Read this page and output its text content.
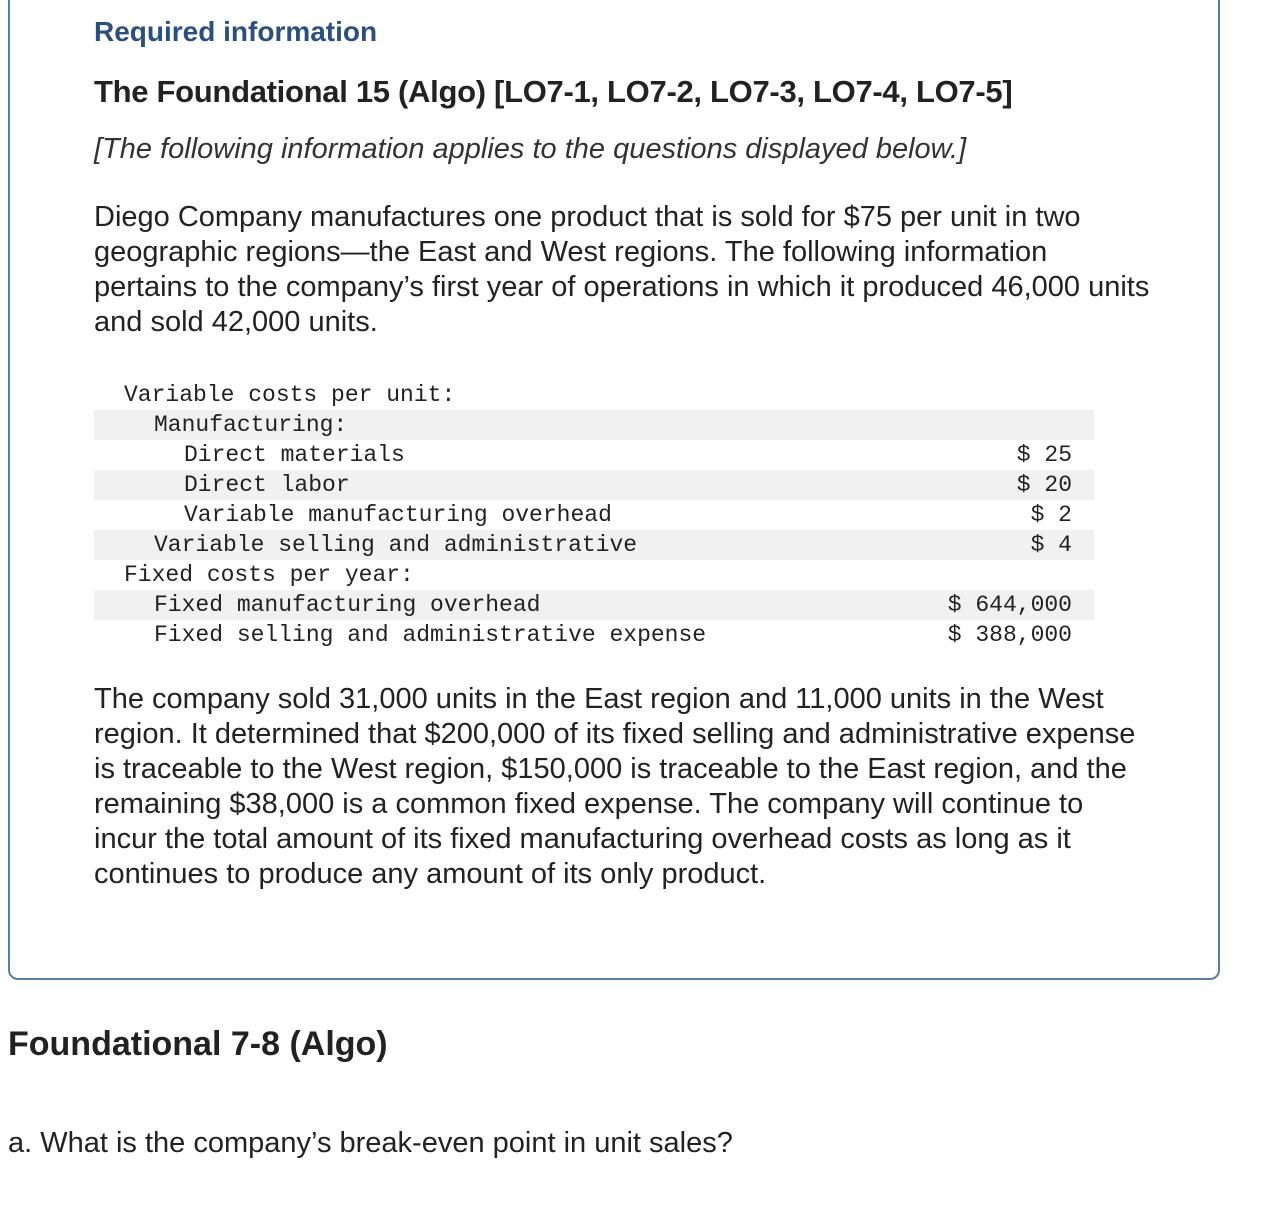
Required information
The Foundational 15 (Algo) [LO7-1, LO7-2, LO7-3, LO7-4, LO7-5]
[The following information applies to the questions displayed below.]

Diego Company manufactures one product that is sold for $75 per unit in two geographic regions—the East and West regions. The following information pertains to the company’s first year of operations in which it produced 46,000 units and sold 42,000 units.

Variable costs per unit:
Manufacturing:
Direct materials	$ 25
Direct labor	$ 20
Variable manufacturing overhead	$ 2
Variable selling and administrative	$ 4
Fixed costs per year:
Fixed manufacturing overhead	$ 644,000
Fixed selling and administrative expense	$ 388,000

The company sold 31,000 units in the East region and 11,000 units in the West region. It determined that $200,000 of its fixed selling and administrative expense is traceable to the West region, $150,000 is traceable to the East region, and the remaining $38,000 is a common fixed expense. The company will continue to incur the total amount of its fixed manufacturing overhead costs as long as it continues to produce any amount of its only product.

Foundational 7-8 (Algo)
a. What is the company’s break-even point in unit sales?
